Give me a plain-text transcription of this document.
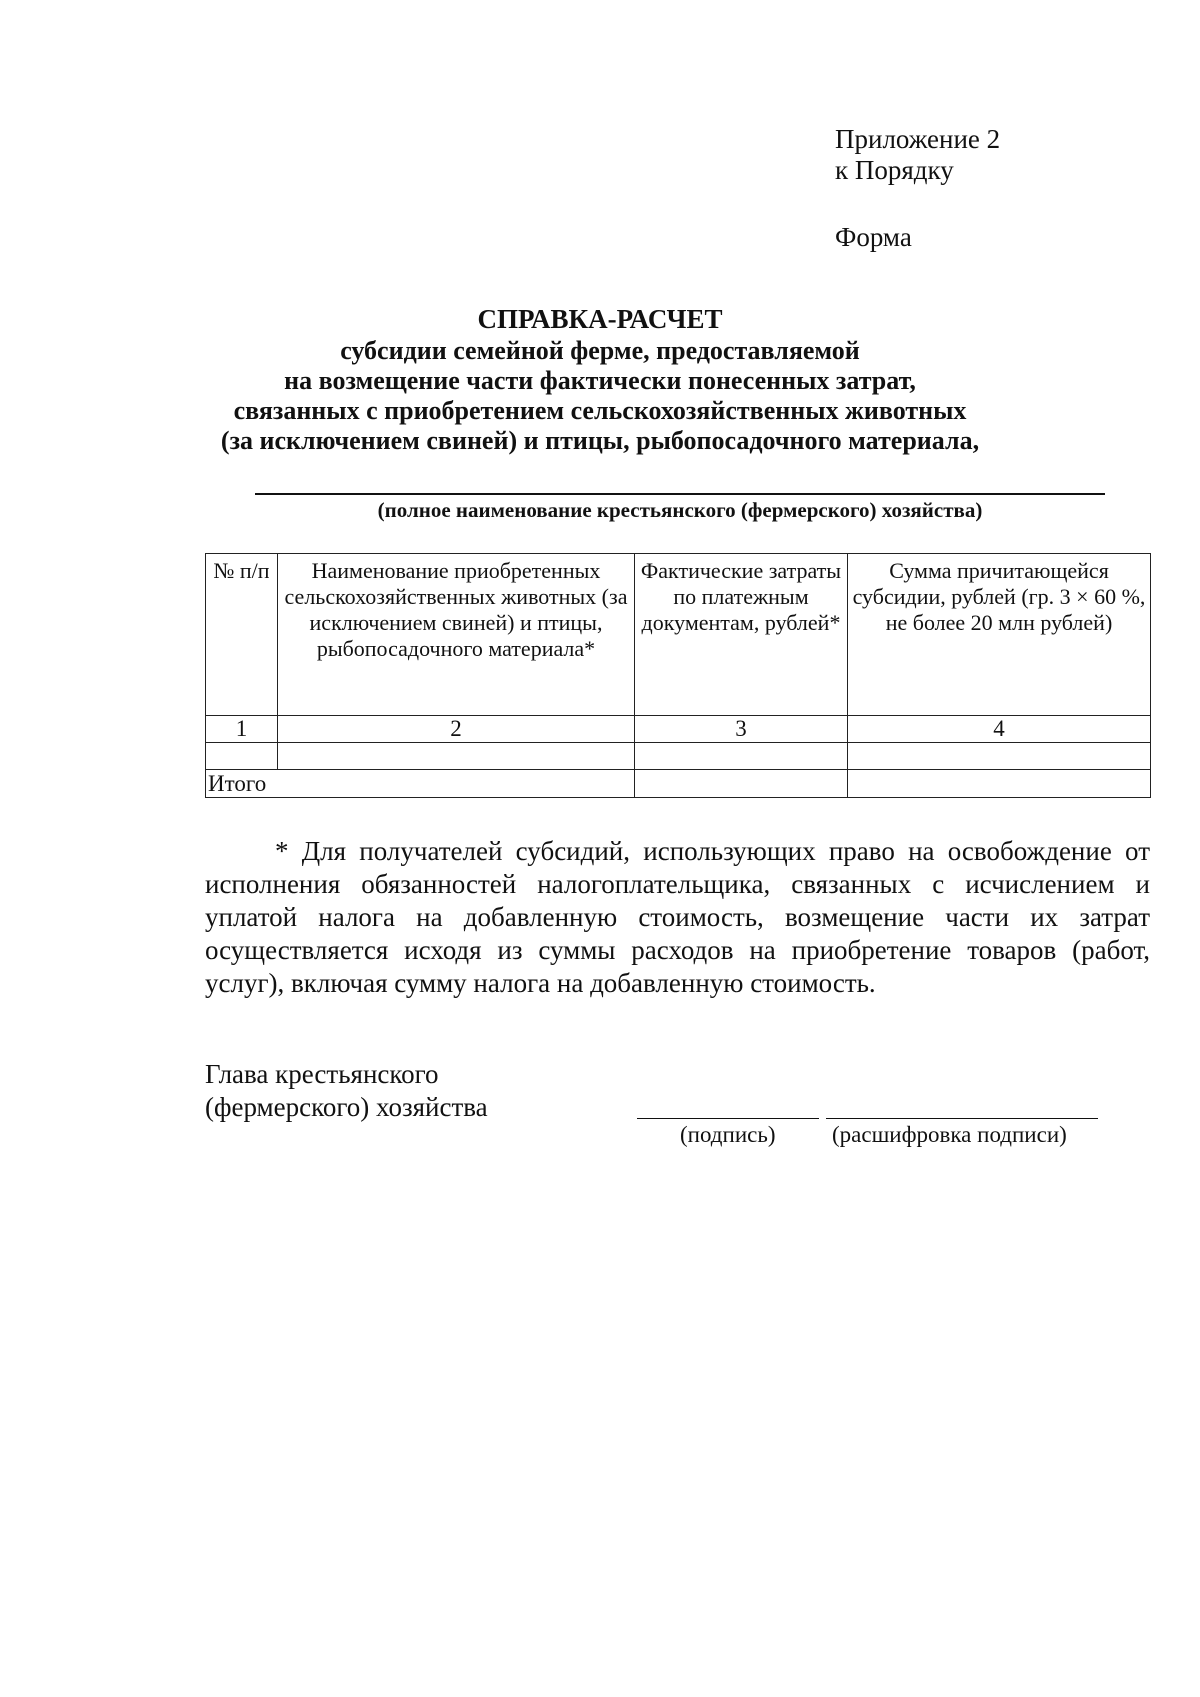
Приложение 2
к Порядку
Форма
СПРАВКА-РАСЧЕТ
субсидии семейной ферме, предоставляемой
на возмещение части фактически понесенных затрат,
связанных с приобретением сельскохозяйственных животных
(за исключением свиней) и птицы, рыбопосадочного материала,
(полное наименование крестьянского (фермерского) хозяйства)
№ п/п	Наименование приобретенных сельскохозяйственных животных (за исключением свиней) и птицы, рыбопосадочного материала*	Фактические затраты по платежным документам, рублей*	Сумма причитающейся субсидии, рублей (гр. 3 × 60 %, не более 20 млн рублей)
1	2	3	4

Итого			
* Для получателей субсидий, использующих право на освобождение от исполнения обязанностей налогоплательщика, связанных с исчислением и уплатой налога на добавленную стоимость, возмещение части их затрат осуществляется исходя из суммы расходов на приобретение товаров (работ, услуг), включая сумму налога на добавленную стоимость.
Глава крестьянского
(фермерского) хозяйства
(подпись) (расшифровка подписи)
